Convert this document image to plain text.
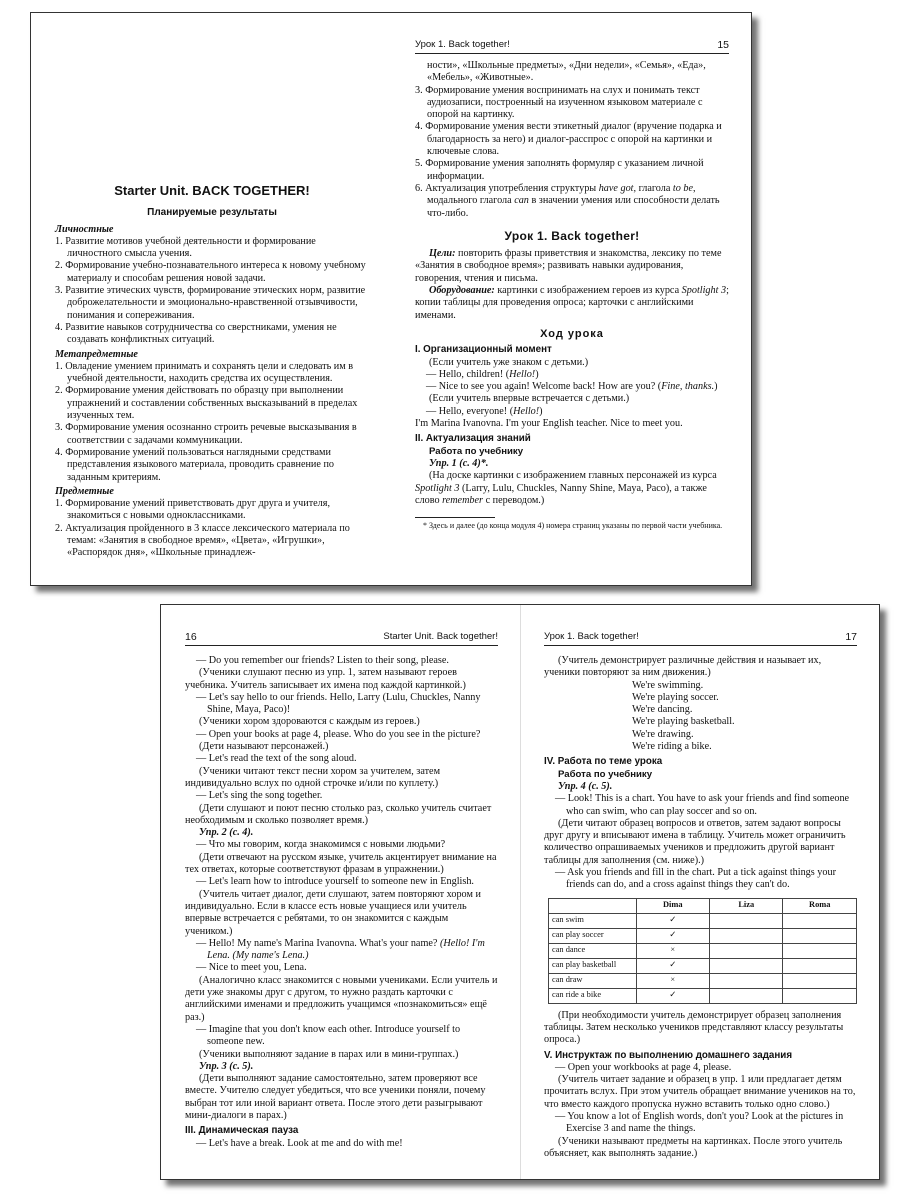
Starter Unit. BACK TOGETHER!

Планируемые результаты

Личностные

1. Развитие мотивов учебной деятельности и формирование личностного смысла учения.

2. Формирование учебно-познавательного интереса к новому учебному материалу и способам решения новой задачи.

3. Развитие этических чувств, формирование этических норм, развитие доброжелательности и эмоционально-нравственной отзывчивости, понимания и сопереживания.

4. Развитие навыков сотрудничества со сверстниками, умения не создавать конфликтных ситуаций.

Метапредметные

1. Овладение умением принимать и сохранять цели и следовать им в учебной деятельности, находить средства их осуществления.

2. Формирование умения действовать по образцу при выполнении упражнений и составлении собственных высказываний в пределах изученных тем.

3. Формирование умения осознанно строить речевые высказывания в соответствии с задачами коммуникации.

4. Формирование умений пользоваться наглядными средствами представления языкового материала, проводить сравнение по заданным критериям.

Предметные

1. Формирование умений приветствовать друг друга и учителя, знакомиться с новыми одноклассниками.

2. Актуализация пройденного в 3 классе лексического материала по темам: «Занятия в свободное время», «Цвета», «Игрушки», «Распорядок дня», «Школьные принадлеж-

Урок 1. Back together!	15

ности», «Школьные предметы», «Дни недели», «Семья», «Еда», «Мебель», «Животные».

3. Формирование умения воспринимать на слух и понимать текст аудиозаписи, построенный на изученном языковом материале с опорой на картинку.

4. Формирование умения вести этикетный диалог (вручение подарка и благодарность за него) и диалог-расспрос с опорой на картинки и ключевые слова.

5. Формирование умения заполнять формуляр с указанием личной информации.

6. Актуализация употребления структуры have got, глагола to be, модального глагола can в значении умения или способности делать что-либо.

Урок 1. Back together!

Цели: повторить фразы приветствия и знакомства, лексику по теме «Занятия в свободное время»; развивать навыки аудирования, говорения, чтения и письма.

Оборудование: картинки с изображением героев из курса Spotlight 3; копии таблицы для проведения опроса; карточки с английскими именами.

Ход урока

I. Организационный момент

(Если учитель уже знаком с детьми.)

— Hello, children! (Hello!)

— Nice to see you again! Welcome back! How are you? (Fine, thanks.)

(Если учитель впервые встречается с детьми.)

— Hello, everyone! (Hello!)

I'm Marina Ivanovna. I'm your English teacher. Nice to meet you.

II. Актуализация знаний

Работа по учебнику

Упр. 1 (с. 4)*.

(На доске картинки с изображением главных персонажей из курса Spotlight 3 (Larry, Lulu, Chuckles, Nanny Shine, Maya, Paco), а также слово remember с переводом.)

* Здесь и далее (до конца модуля 4) номера страниц указаны по первой части учебника.

16	Starter Unit. Back together!

— Do you remember our friends? Listen to their song, please.

(Ученики слушают песню из упр. 1, затем называют героев учебника. Учитель записывает их имена под каждой картинкой.)

— Let's say hello to our friends. Hello, Larry (Lulu, Chuckles, Nanny Shine, Maya, Paco)!

(Ученики хором здороваются с каждым из героев.)

— Open your books at page 4, please. Who do you see in the picture?

(Дети называют персонажей.)

— Let's read the text of the song aloud.

(Ученики читают текст песни хором за учителем, затем индивидуально вслух по одной строчке и/или по куплету.)

— Let's sing the song together.

(Дети слушают и поют песню столько раз, сколько учитель считает необходимым и сколько позволяет время.)

Упр. 2 (с. 4).

— Что мы говорим, когда знакомимся с новыми людьми?

(Дети отвечают на русском языке, учитель акцентирует внимание на тех ответах, которые соответствуют фразам в упражнении.)

— Let's learn how to introduce yourself to someone new in English.

(Учитель читает диалог, дети слушают, затем повторяют хором и индивидуально. Если в классе есть новые учащиеся или учитель впервые встречается с ребятами, то он знакомится с каждым учеником.)

— Hello! My name's Marina Ivanovna. What's your name? (Hello! I'm Lena. (My name's Lena.)

— Nice to meet you, Lena.

(Аналогично класс знакомится с новыми учениками. Если учитель и дети уже знакомы друг с другом, то нужно раздать карточки с английскими именами и предложить учащимся «познакомиться» ещё раз.)

— Imagine that you don't know each other. Introduce yourself to someone new.

(Ученики выполняют задание в парах или в мини-группах.)

Упр. 3 (с. 5).

(Дети выполняют задание самостоятельно, затем проверяют все вместе. Учителю следует убедиться, что все ученики поняли, почему выбран тот или иной вариант ответа. После этого дети разыгрывают мини-диалоги в парах.)

III. Динамическая пауза

— Let's have a break. Look at me and do with me!

Урок 1. Back together!	17

(Учитель демонстрирует различные действия и называет их, ученики повторяют за ним движения.)

We're swimming.

We're playing soccer.

We're dancing.

We're playing basketball.

We're drawing.

We're riding a bike.

IV. Работа по теме урока

Работа по учебнику

Упр. 4 (с. 5).

— Look! This is a chart. You have to ask your friends and find someone who can swim, who can play soccer and so on.

(Дети читают образец вопросов и ответов, затем задают вопросы друг другу и вписывают имена в таблицу. Учитель может ограничить количество опрашиваемых учеников и предложить другой вариант таблицы для заполнения (см. ниже).)

— Ask you friends and fill in the chart. Put a tick against things your friends can do, and a cross against things they can't do.

	Dima	Liza	Roma
can swim	✓		
can play soccer	✓		
can dance	×		
can play basketball	✓		
can draw	×		
can ride a bike	✓		

(При необходимости учитель демонстрирует образец заполнения таблицы. Затем несколько учеников представляют классу результаты опроса.)

V. Инструктаж по выполнению домашнего задания

— Open your workbooks at page 4, please.

(Учитель читает задание и образец в упр. 1 или предлагает детям прочитать вслух. При этом учитель обращает внимание учеников на то, что вместо каждого пропуска нужно вставить только одно слово.)

— You know a lot of English words, don't you? Look at the pictures in Exercise 3 and name the things.

(Ученики называют предметы на картинках. После этого учитель объясняет, как выполнять задание.)
